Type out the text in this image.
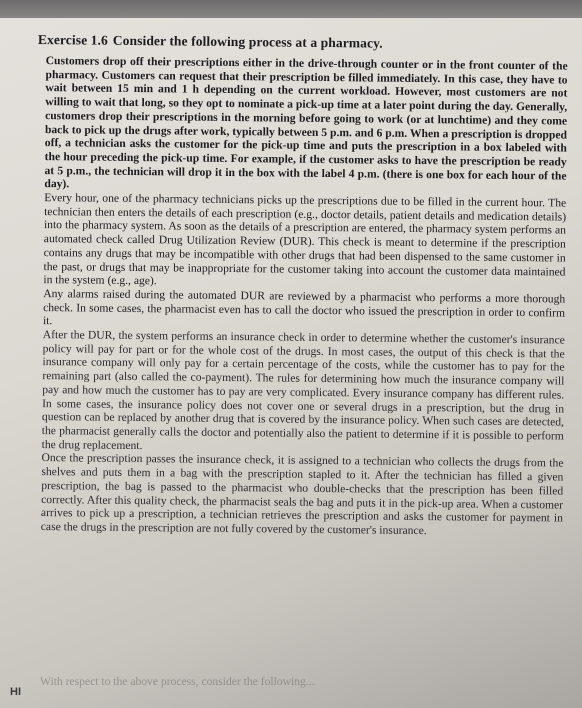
Exercise 1.6 Consider the following process at a pharmacy.

Customers drop off their prescriptions either in the drive-through counter or in the front counter of the pharmacy. Customers can request that their prescription be filled immediately. In this case, they have to wait between 15 min and 1 h depending on the current workload. However, most customers are not willing to wait that long, so they opt to nominate a pick-up time at a later point during the day. Generally, customers drop their prescriptions in the morning before going to work (or at lunchtime) and they come back to pick up the drugs after work, typically between 5 p.m. and 6 p.m. When a prescription is dropped off, a technician asks the customer for the pick-up time and puts the prescription in a box labeled with the hour preceding the pick-up time. For example, if the customer asks to have the prescription be ready at 5 p.m., the technician will drop it in the box with the label 4 p.m. (there is one box for each hour of the day).

Every hour, one of the pharmacy technicians picks up the prescriptions due to be filled in the current hour. The technician then enters the details of each prescription (e.g., doctor details, patient details and medication details) into the pharmacy system. As soon as the details of a prescription are entered, the pharmacy system performs an automated check called Drug Utilization Review (DUR). This check is meant to determine if the prescription contains any drugs that may be incompatible with other drugs that had been dispensed to the same customer in the past, or drugs that may be inappropriate for the customer taking into account the customer data maintained in the system (e.g., age).

Any alarms raised during the automated DUR are reviewed by a pharmacist who performs a more thorough check. In some cases, the pharmacist even has to call the doctor who issued the prescription in order to confirm it.

After the DUR, the system performs an insurance check in order to determine whether the customer's insurance policy will pay for part or for the whole cost of the drugs. In most cases, the output of this check is that the insurance company will only pay for a certain percentage of the costs, while the customer has to pay for the remaining part (also called the co-payment). The rules for determining how much the insurance company will pay and how much the customer has to pay are very complicated. Every insurance company has different rules. In some cases, the insurance policy does not cover one or several drugs in a prescription, but the drug in question can be replaced by another drug that is covered by the insurance policy. When such cases are detected, the pharmacist generally calls the doctor and potentially also the patient to determine if it is possible to perform the drug replacement.

Once the prescription passes the insurance check, it is assigned to a technician who collects the drugs from the shelves and puts them in a bag with the prescription stapled to it. After the technician has filled a given prescription, the bag is passed to the pharmacist who double-checks that the prescription has been filled correctly. After this quality check, the pharmacist seals the bag and puts it in the pick-up area. When a customer arrives to pick up a prescription, a technician retrieves the prescription and asks the customer for payment in case the drugs in the prescription are not fully covered by the customer's insurance.

With respect to the above process, consider the following...
HI
